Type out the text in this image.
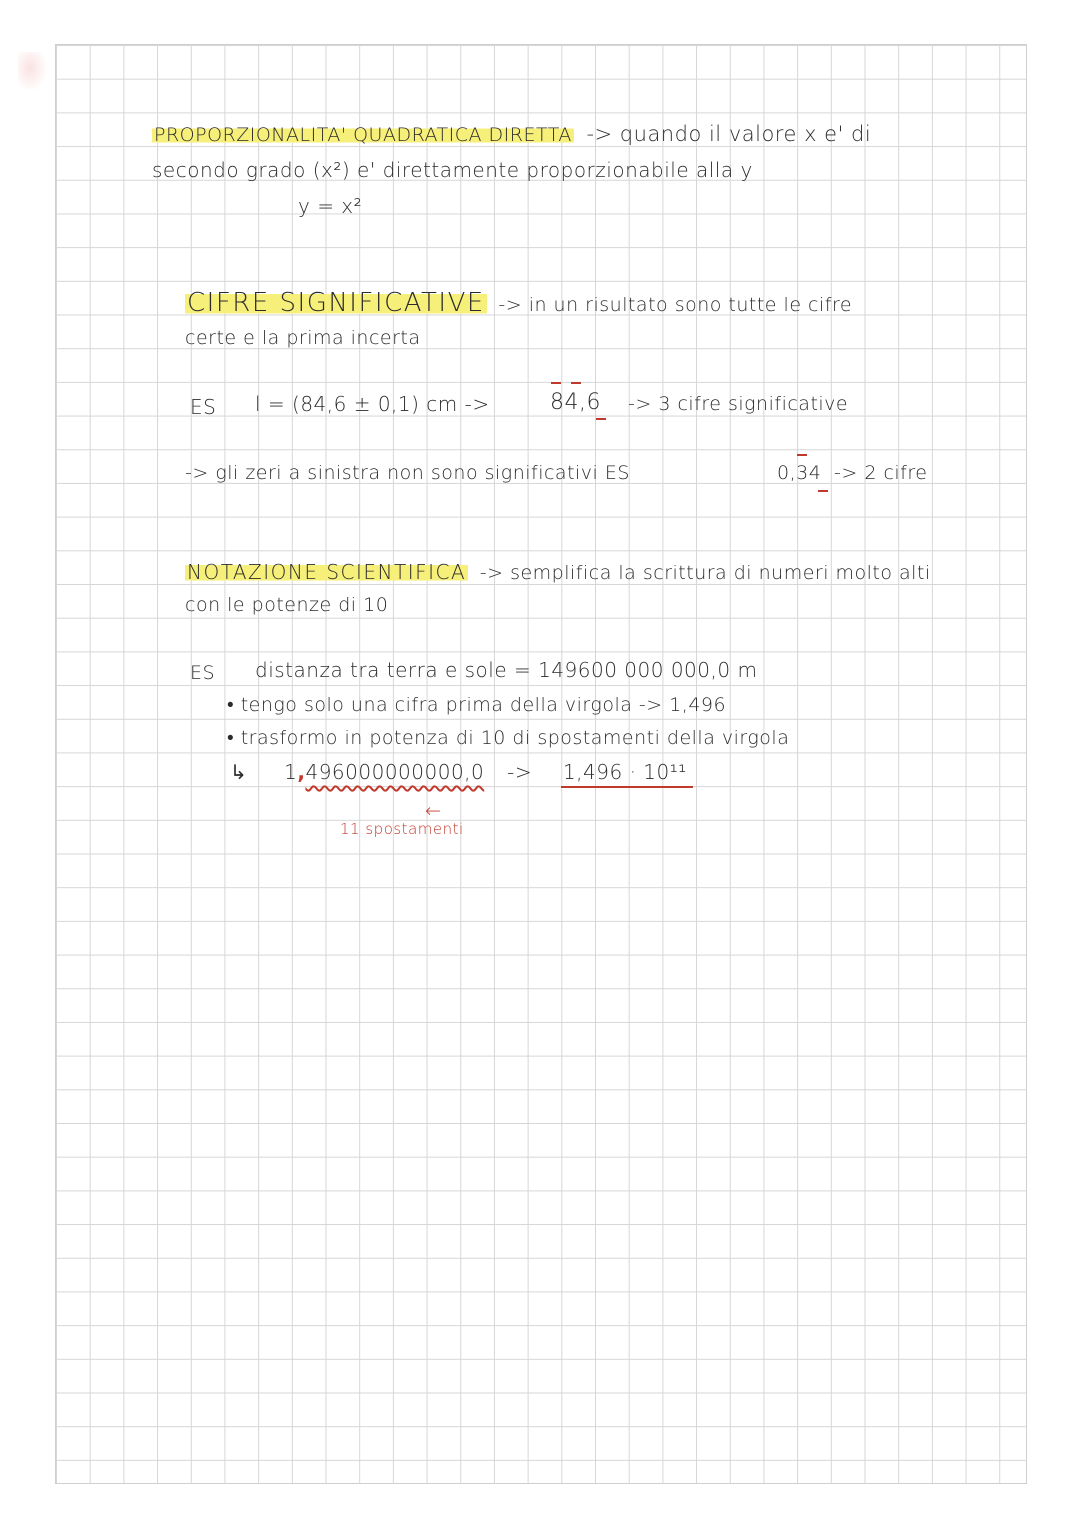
PROPORZIONALITA' QUADRATICA DIRETTA -> quando il valore x e' di
secondo grado (x²) e' direttamente proporzionabile alla y
y = x²
CIFRE SIGNIFICATIVE -> in un risultato sono tutte le cifre
certe e la prima incerta
ES l = (84,6 ± 0,1) cm ->	84,6 -> 3 cifre significative
-> gli zeri a sinistra non sono significativi ES	0,34 -> 2 cifre
NOTAZIONE SCIENTIFICA -> semplifica la scrittura di numeri molto alti
con le potenze di 10
ES distanza tra terra e sole = 149600 000 000,0 m
• tengo solo una cifra prima della virgola -> 1,496
• trasformo in potenza di 10 di spostamenti della virgola
↳ 1,496000000000,0 -> 1,496 · 10¹¹
←
11 spostamenti
